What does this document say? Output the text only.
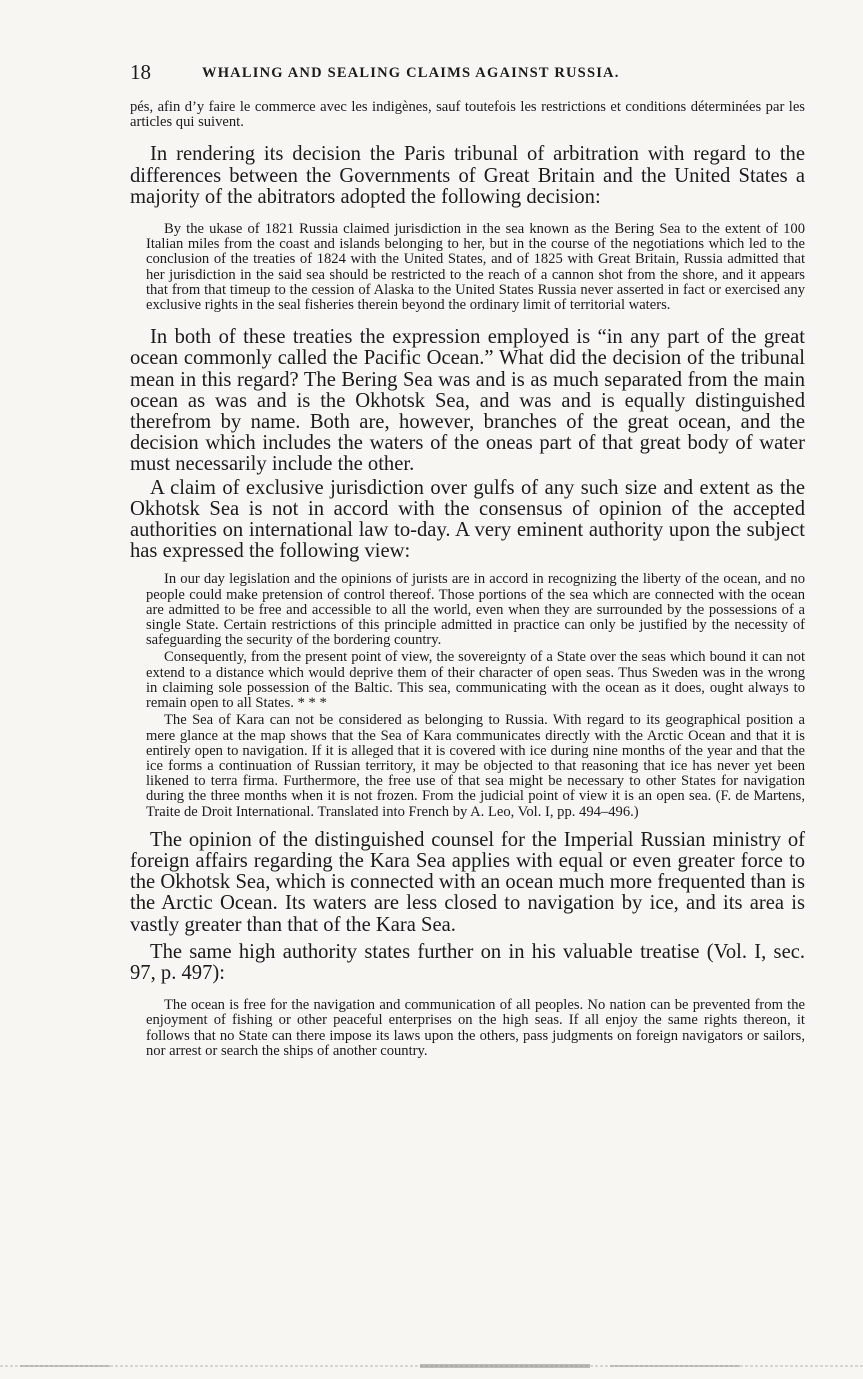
18	WHALING AND SEALING CLAIMS AGAINST RUSSIA.

pés, afin d’y faire le commerce avec les indigènes, sauf toutefois les restrictions et conditions déterminées par les articles qui suivent.

In rendering its decision the Paris tribunal of arbitration with regard to the differences between the Governments of Great Britain and the United States a majority of the abitrators adopted the following decision:

By the ukase of 1821 Russia claimed jurisdiction in the sea known as the Bering Sea to the extent of 100 Italian miles from the coast and islands belonging to her, but in the course of the negotiations which led to the conclusion of the treaties of 1824 with the United States, and of 1825 with Great Britain, Russia admitted that her jurisdiction in the said sea should be restricted to the reach of a cannon shot from the shore, and it appears that from that timeup to the cession of Alaska to the United States Russia never asserted in fact or exercised any exclusive rights in the seal fisheries therein beyond the ordinary limit of territorial waters.

In both of these treaties the expression employed is “in any part of the great ocean commonly called the Pacific Ocean.” What did the decision of the tribunal mean in this regard? The Bering Sea was and is as much separated from the main ocean as was and is the Okhotsk Sea, and was and is equally distinguished therefrom by name. Both are, however, branches of the great ocean, and the decision which includes the waters of the oneas part of that great body of water must necessarily include the other.

A claim of exclusive jurisdiction over gulfs of any such size and extent as the Okhotsk Sea is not in accord with the consensus of opinion of the accepted authorities on international law to-day. A very eminent authority upon the subject has expressed the following view:

In our day legislation and the opinions of jurists are in accord in recognizing the liberty of the ocean, and no people could make pretension of control thereof. Those portions of the sea which are connected with the ocean are admitted to be free and accessible to all the world, even when they are surrounded by the possessions of a single State. Certain restrictions of this principle admitted in practice can only be justified by the necessity of safeguarding the security of the bordering country.

Consequently, from the present point of view, the sovereignty of a State over the seas which bound it can not extend to a distance which would deprive them of their character of open seas. Thus Sweden was in the wrong in claiming sole possession of the Baltic. This sea, communicating with the ocean as it does, ought always to remain open to all States. * * *

The Sea of Kara can not be considered as belonging to Russia. With regard to its geographical position a mere glance at the map shows that the Sea of Kara communicates directly with the Arctic Ocean and that it is entirely open to navigation. If it is alleged that it is covered with ice during nine months of the year and that the ice forms a continuation of Russian territory, it may be objected to that reasoning that ice has never yet been likened to terra firma. Furthermore, the free use of that sea might be necessary to other States for navigation during the three months when it is not frozen. From the judicial point of view it is an open sea. (F. de Martens, Traite de Droit International. Translated into French by A. Leo, Vol. I, pp. 494–496.)

The opinion of the distinguished counsel for the Imperial Russian ministry of foreign affairs regarding the Kara Sea applies with equal or even greater force to the Okhotsk Sea, which is connected with an ocean much more frequented than is the Arctic Ocean. Its waters are less closed to navigation by ice, and its area is vastly greater than that of the Kara Sea.

The same high authority states further on in his valuable treatise (Vol. I, sec. 97, p. 497):

The ocean is free for the navigation and communication of all peoples. No nation can be prevented from the enjoyment of fishing or other peaceful enterprises on the high seas. If all enjoy the same rights thereon, it follows that no State can there impose its laws upon the others, pass judgments on foreign navigators or sailors, nor arrest or search the ships of another country.
